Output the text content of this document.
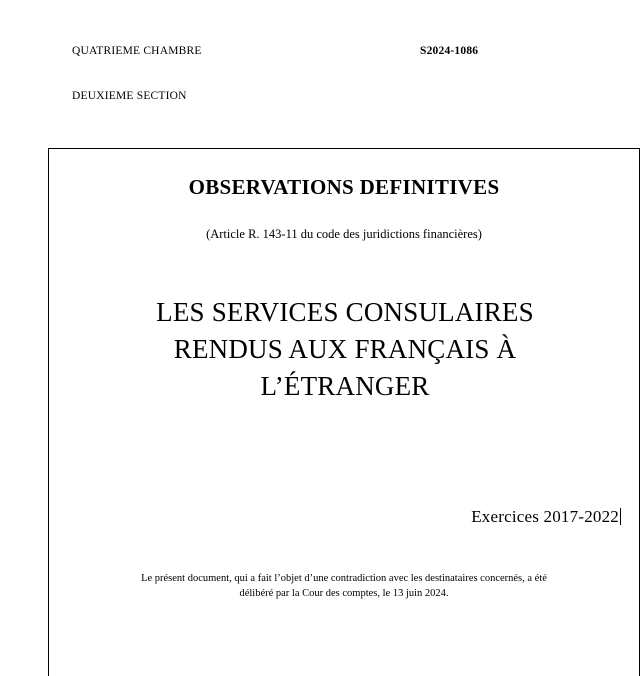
QUATRIEME CHAMBRE	S2024-1086
DEUXIEME SECTION
OBSERVATIONS DEFINITIVES
(Article R. 143-11 du code des juridictions financières)
LES SERVICES CONSULAIRES
RENDUS AUX FRANÇAIS À
L’ÉTRANGER
Exercices 2017-2022
Le présent document, qui a fait l’objet d’une contradiction avec les destinataires concernés, a été
délibéré par la Cour des comptes, le 13 juin 2024.
